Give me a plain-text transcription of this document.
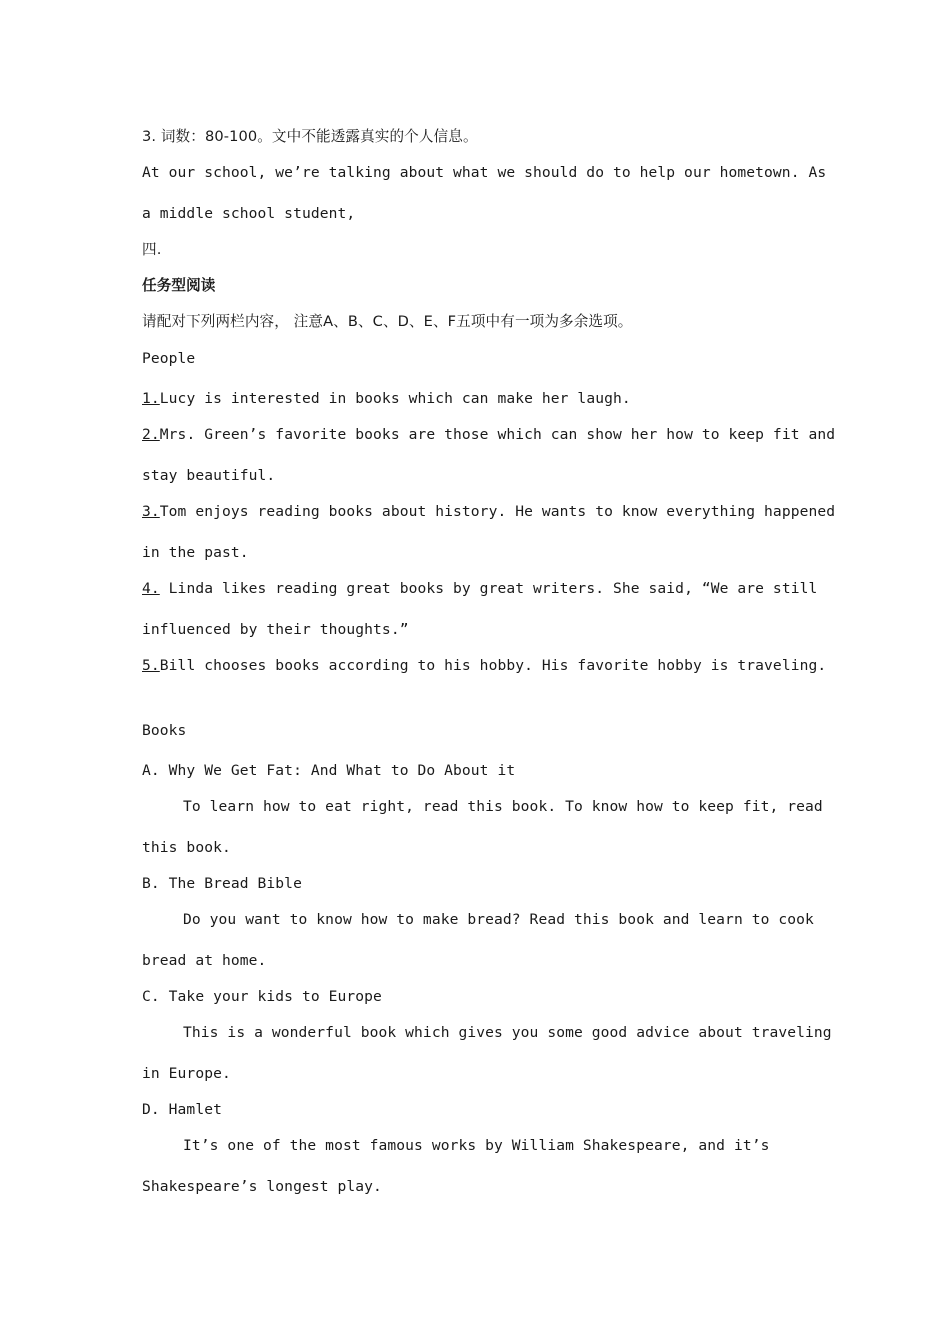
3. 词数：80-100。文中不能透露真实的个人信息。
At our school, we’re talking about what we should do to help our hometown. As
a middle school student,
四.
任务型阅读
请配对下列两栏内容， 注意A、B、C、D、E、F五项中有一项为多余选项。
People
1.Lucy is interested in books which can make her laugh.
2.Mrs. Green’s favorite books are those which can show her how to keep fit and
stay beautiful.
3.Tom enjoys reading books about history. He wants to know everything happened
in the past.
4. Linda likes reading great books by great writers. She said, “We are still
influenced by their thoughts.”
5.Bill chooses books according to his hobby. His favorite hobby is traveling.
Books
A. Why We Get Fat: And What to Do About it
To learn how to eat right, read this book. To know how to keep fit, read
this book.
B. The Bread Bible
Do you want to know how to make bread? Read this book and learn to cook
bread at home.
C. Take your kids to Europe
This is a wonderful book which gives you some good advice about traveling
in Europe.
D. Hamlet
It’s one of the most famous works by William Shakespeare, and it’s
Shakespeare’s longest play.
